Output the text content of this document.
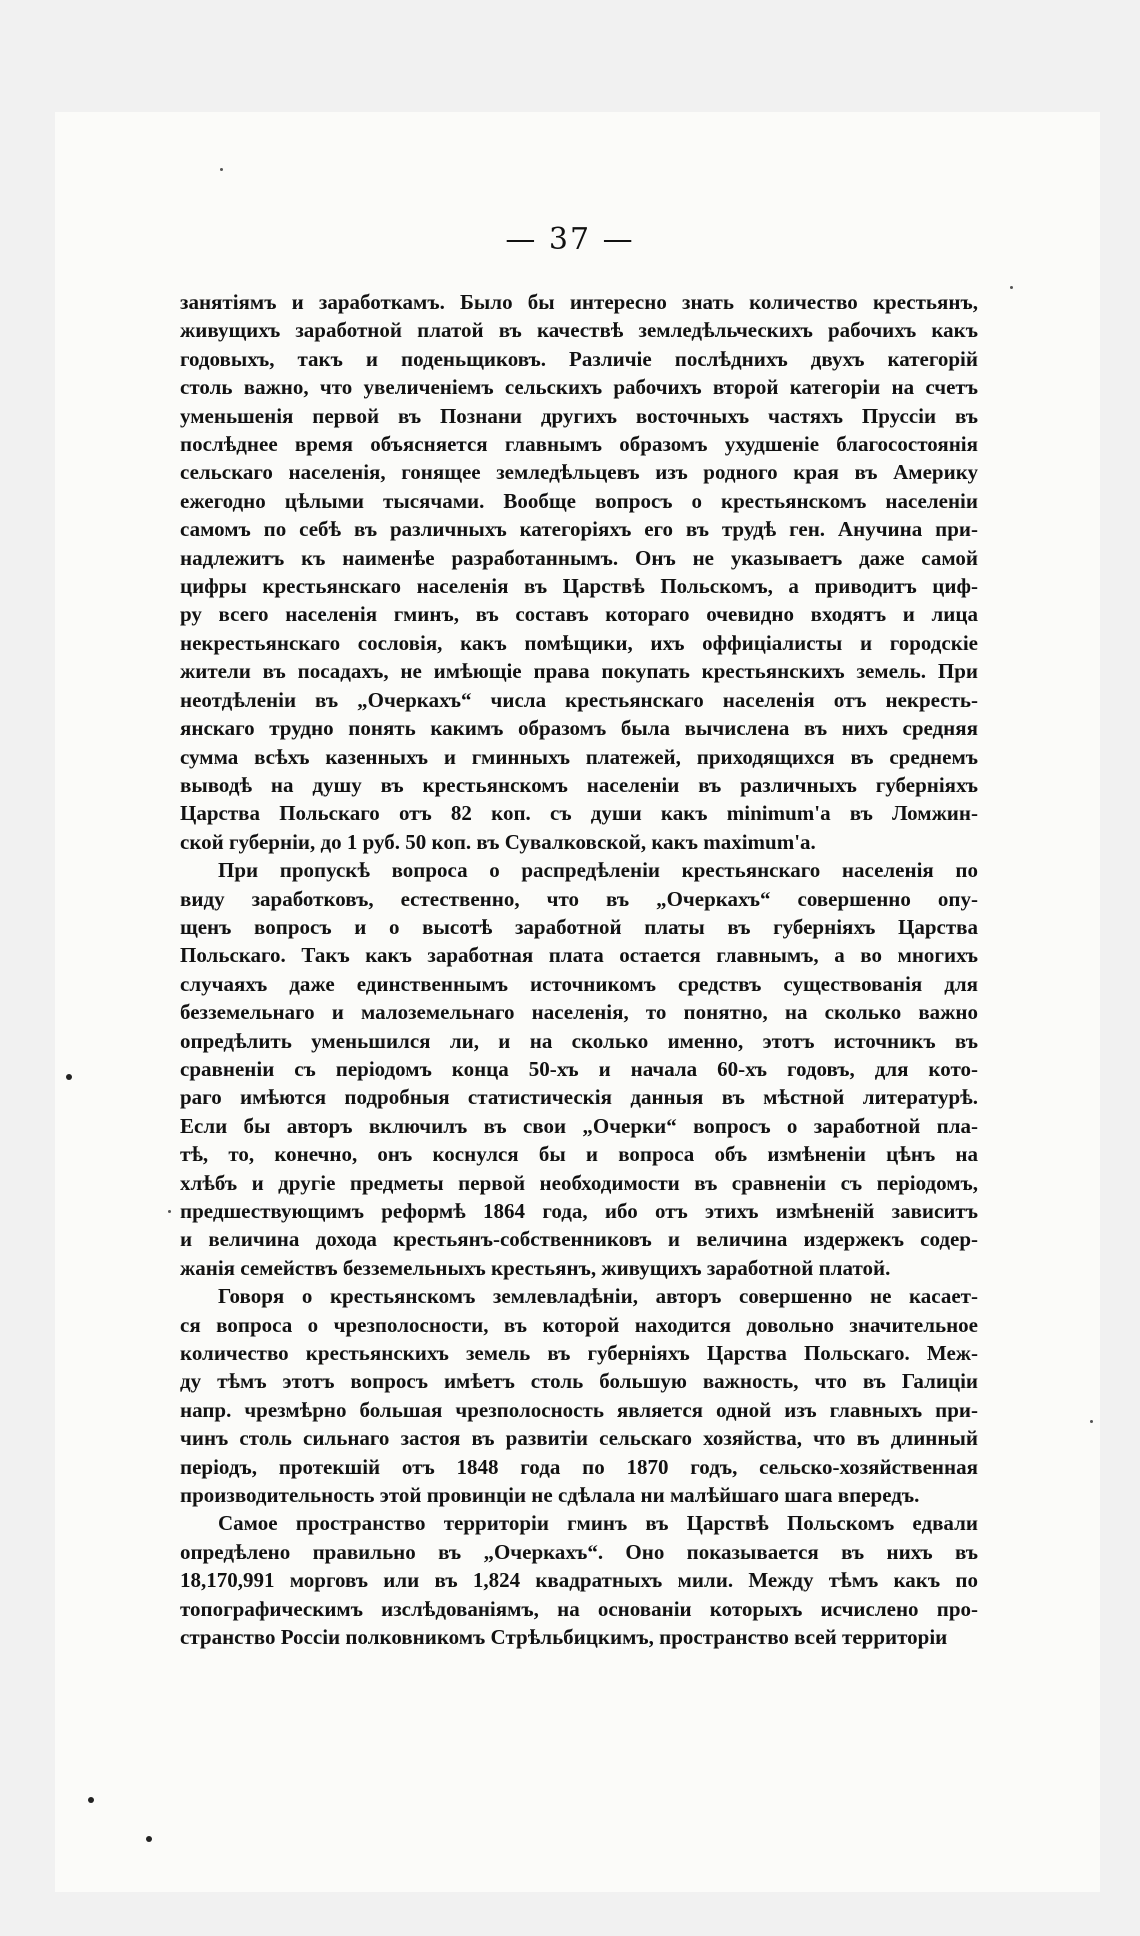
— 37 —

занятіямъ и заработкамъ. Было бы интересно знать количество крестьянъ,
живущихъ заработной платой въ качествѣ земледѣльческихъ рабочихъ какъ
годовыхъ, такъ и поденьщиковъ. Различіе послѣднихъ двухъ категорій
столь важно, что увеличеніемъ сельскихъ рабочихъ второй категоріи на счетъ
уменьшенія первой въ Познани другихъ восточныхъ частяхъ Пруссіи въ
послѣднее время объясняется главнымъ образомъ ухудшеніе благосостоянія
сельскаго населенія, гонящее земледѣльцевъ изъ родного края въ Америку
ежегодно цѣлыми тысячами. Вообще вопросъ о крестьянскомъ населеніи
самомъ по себѣ въ различныхъ категоріяхъ его въ трудѣ ген. Анучина при-
надлежитъ къ наименѣе разработаннымъ. Онъ не указываетъ даже самой
цифры крестьянскаго населенія въ Царствѣ Польскомъ, а приводитъ циф-
ру всего населенія гминъ, въ составъ котораго очевидно входятъ и лица
некрестьянскаго сословія, какъ помѣщики, ихъ оффиціалисты и городскіе
жители въ посадахъ, не имѣющіе права покупать крестьянскихъ земель. При
неотдѣленіи въ „Очеркахъ“ числа крестьянскаго населенія отъ некресть-
янскаго трудно понять какимъ образомъ была вычислена въ нихъ средняя
сумма всѣхъ казенныхъ и гминныхъ платежей, приходящихся въ среднемъ
выводѣ на душу въ крестьянскомъ населеніи въ различныхъ губерніяхъ
Царства Польскаго отъ 82 коп. съ души какъ minimum'а въ Ломжин-
ской губерніи, до 1 руб. 50 коп. въ Сувалковской, какъ maximum'а.

При пропускѣ вопроса о распредѣленіи крестьянскаго населенія по
виду заработковъ, естественно, что въ „Очеркахъ“ совершенно опу-
щенъ вопросъ и о высотѣ заработной платы въ губерніяхъ Царства
Польскаго. Такъ какъ заработная плата остается главнымъ, а во многихъ
случаяхъ даже единственнымъ источникомъ средствъ существованія для
безземельнаго и малоземельнаго населенія, то понятно, на сколько важно
опредѣлить уменьшился ли, и на сколько именно, этотъ источникъ въ
сравненіи съ періодомъ конца 50-хъ и начала 60-хъ годовъ, для кото-
раго имѣются подробныя статистическія данныя въ мѣстной литературѣ.
Если бы авторъ включилъ въ свои „Очерки“ вопросъ о заработной пла-
тѣ, то, конечно, онъ коснулся бы и вопроса объ измѣненіи цѣнъ на
хлѣбъ и другіе предметы первой необходимости въ сравненіи съ періодомъ,
предшествующимъ реформѣ 1864 года, ибо отъ этихъ измѣненій зависитъ
и величина дохода крестьянъ-собственниковъ и величина издержекъ содер-
жанія семействъ безземельныхъ крестьянъ, живущихъ заработной платой.

Говоря о крестьянскомъ землевладѣніи, авторъ совершенно не касает-
ся вопроса о чрезполосности, въ которой находится довольно значительное
количество крестьянскихъ земель въ губерніяхъ Царства Польскаго. Меж-
ду тѣмъ этотъ вопросъ имѣетъ столь большую важность, что въ Галиціи
напр. чрезмѣрно большая чрезполосность является одной изъ главныхъ при-
чинъ столь сильнаго застоя въ развитіи сельскаго хозяйства, что въ длинный
періодъ, протекшій отъ 1848 года по 1870 годъ, сельско-хозяйственная
производительность этой провинціи не сдѣлала ни малѣйшаго шага впередъ.

Самое пространство территоріи гминъ въ Царствѣ Польскомъ едвали
опредѣлено правильно въ „Очеркахъ“. Оно показывается въ нихъ въ
18,170,991 морговъ или въ 1,824 квадратныхъ мили. Между тѣмъ какъ по
топографическимъ изслѣдованіямъ, на основаніи которыхъ исчислено про-
странство Россіи полковникомъ Стрѣльбицкимъ, пространство всей территоріи
